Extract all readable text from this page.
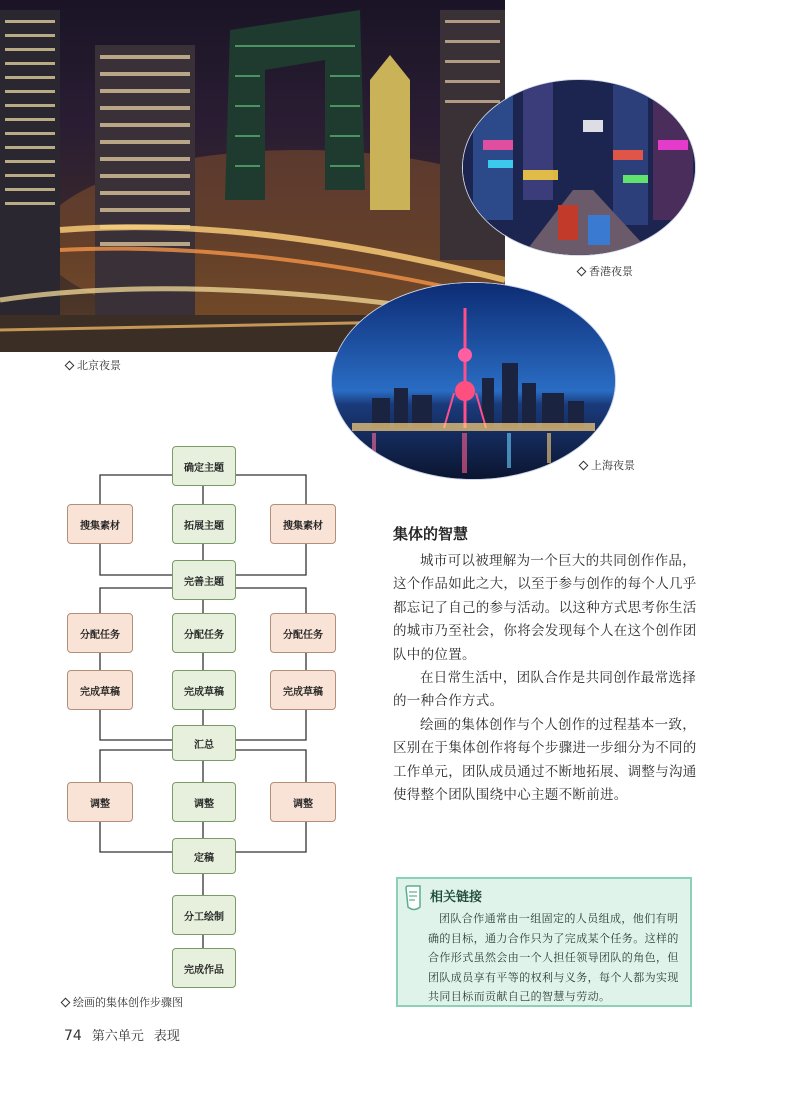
北京夜景
香港夜景
上海夜景
确定主题
搜集素材	拓展主题	搜集素材
完善主题
分配任务	分配任务	分配任务
完成草稿	完成草稿	完成草稿
汇总
调整	调整	调整
定稿
分工绘制
完成作品
绘画的集体创作步骤图
集体的智慧

城市可以被理解为一个巨大的共同创作作品，这个作品如此之大，以至于参与创作的每个人几乎都忘记了自己的参与活动。以这种方式思考你生活的城市乃至社会，你将会发现每个人在这个创作团队中的位置。

在日常生活中，团队合作是共同创作最常选择的一种合作方式。

绘画的集体创作与个人创作的过程基本一致，区别在于集体创作将每个步骤进一步细分为不同的工作单元，团队成员通过不断地拓展、调整与沟通使得整个团队围绕中心主题不断前进。

相关链接
团队合作通常由一组固定的人员组成，他们有明确的目标，通力合作只为了完成某个任务。这样的合作形式虽然会由一个人担任领导团队的角色，但团队成员享有平等的权利与义务，每个人都为实现共同目标而贡献自己的智慧与劳动。
74 第六单元 表现
